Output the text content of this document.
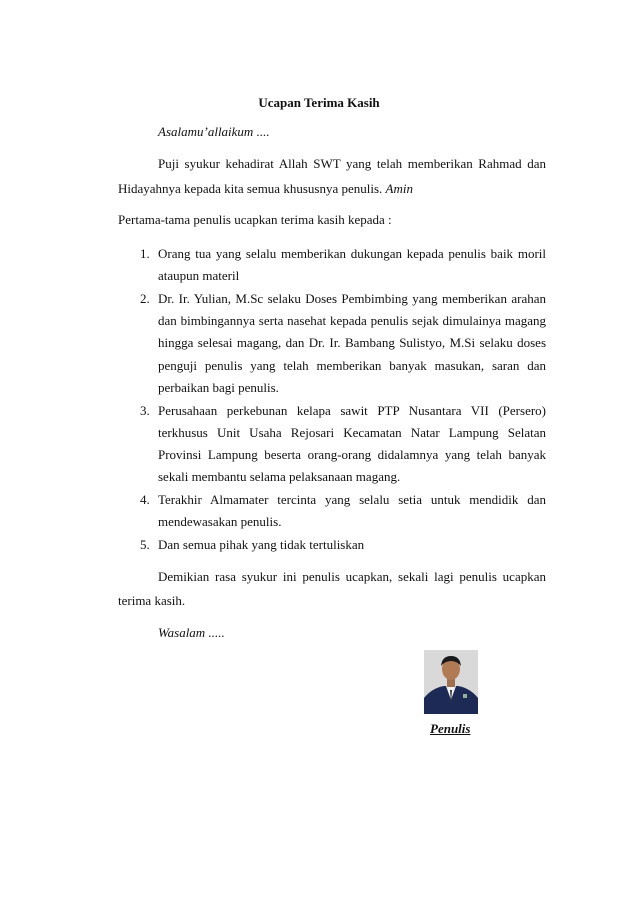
Ucapan Terima Kasih
Asalamu’allaikum ....
Puji syukur kehadirat Allah SWT yang telah memberikan Rahmad dan
Hidayahnya kepada kita semua khususnya penulis. Amin
Pertama-tama penulis ucapkan terima kasih kepada :
1. Orang tua yang selalu memberikan dukungan kepada penulis baik moril
ataupun materil
2. Dr. Ir. Yulian, M.Sc selaku Doses Pembimbing yang memberikan arahan
dan bimbingannya serta nasehat kepada penulis sejak dimulainya magang
hingga selesai magang, dan Dr. Ir. Bambang Sulistyo, M.Si selaku doses
penguji penulis yang telah memberikan banyak masukan, saran dan
perbaikan bagi penulis.
3. Perusahaan perkebunan kelapa sawit PTP Nusantara VII (Persero)
terkhusus Unit Usaha Rejosari Kecamatan Natar Lampung Selatan
Provinsi Lampung beserta orang-orang didalamnya yang telah banyak
sekali membantu selama pelaksanaan magang.
4. Terakhir Almamater tercinta yang selalu setia untuk mendidik dan
mendewasakan penulis.
5. Dan semua pihak yang tidak tertuliskan
Demikian rasa syukur ini penulis ucapkan, sekali lagi penulis ucapkan
terima kasih.
Wasalam .....
Penulis
